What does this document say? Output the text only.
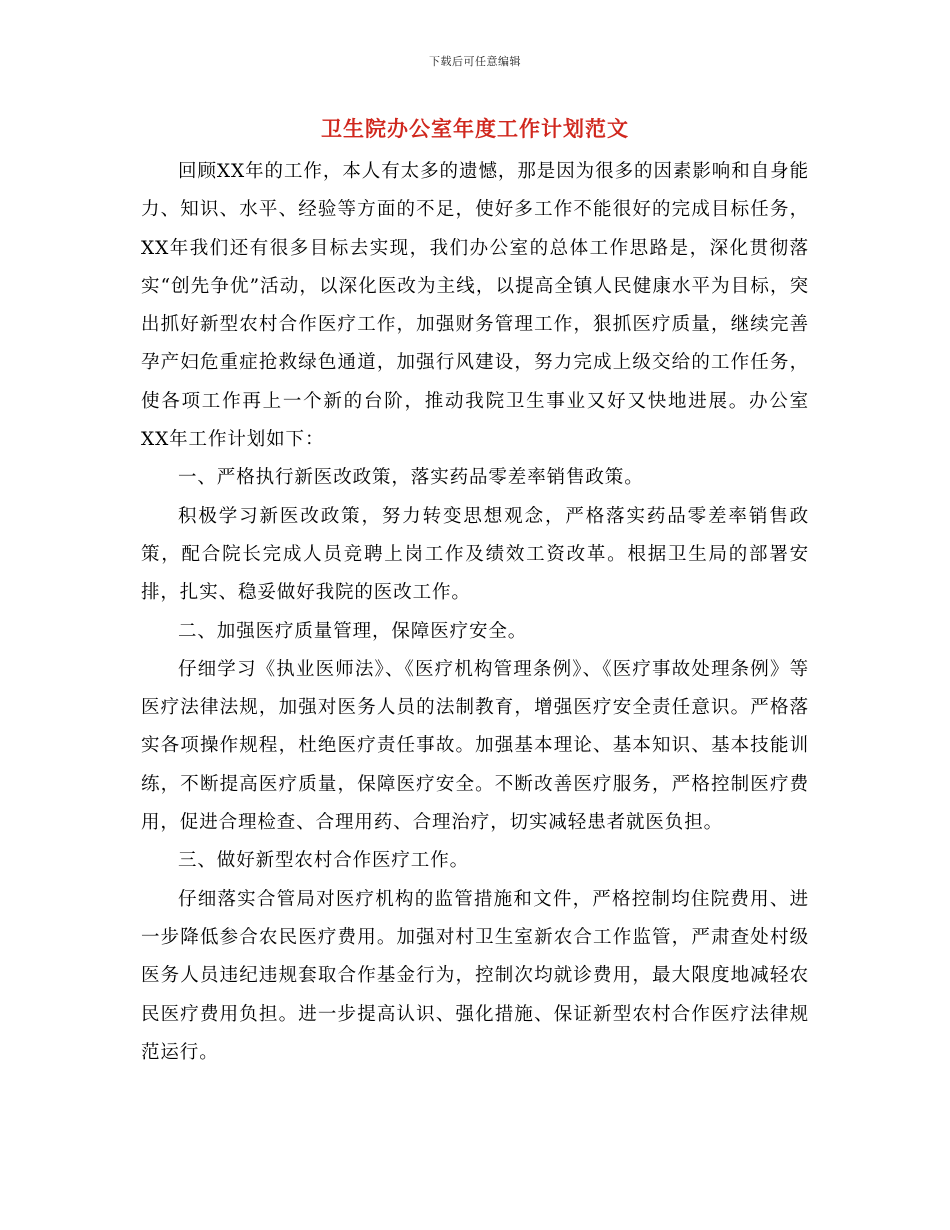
下载后可任意编辑
卫生院办公室年度工作计划范文

回顾XX年的工作，本人有太多的遗憾，那是因为很多的因素影响和自身能力、知识、水平、经验等方面的不足，使好多工作不能很好的完成目标任务，XX年我们还有很多目标去实现，我们办公室的总体工作思路是，深化贯彻落实“创先争优”活动，以深化医改为主线，以提高全镇人民健康水平为目标，突出抓好新型农村合作医疗工作，加强财务管理工作，狠抓医疗质量，继续完善孕产妇危重症抢救绿色通道，加强行风建设，努力完成上级交给的工作任务，使各项工作再上一个新的台阶，推动我院卫生事业又好又快地进展。办公室XX年工作计划如下：

一、严格执行新医改政策，落实药品零差率销售政策。

积极学习新医改政策，努力转变思想观念，严格落实药品零差率销售政策，配合院长完成人员竞聘上岗工作及绩效工资改革。根据卫生局的部署安排，扎实、稳妥做好我院的医改工作。

二、加强医疗质量管理，保障医疗安全。

仔细学习《执业医师法》、《医疗机构管理条例》、《医疗事故处理条例》等医疗法律法规，加强对医务人员的法制教育，增强医疗安全责任意识。严格落实各项操作规程，杜绝医疗责任事故。加强基本理论、基本知识、基本技能训练，不断提高医疗质量，保障医疗安全。不断改善医疗服务，严格控制医疗费用，促进合理检查、合理用药、合理治疗，切实减轻患者就医负担。

三、做好新型农村合作医疗工作。

仔细落实合管局对医疗机构的监管措施和文件，严格控制均住院费用、进一步降低参合农民医疗费用。加强对村卫生室新农合工作监管，严肃查处村级医务人员违纪违规套取合作基金行为，控制次均就诊费用，最大限度地减轻农民医疗费用负担。进一步提高认识、强化措施、保证新型农村合作医疗法律规范运行。
